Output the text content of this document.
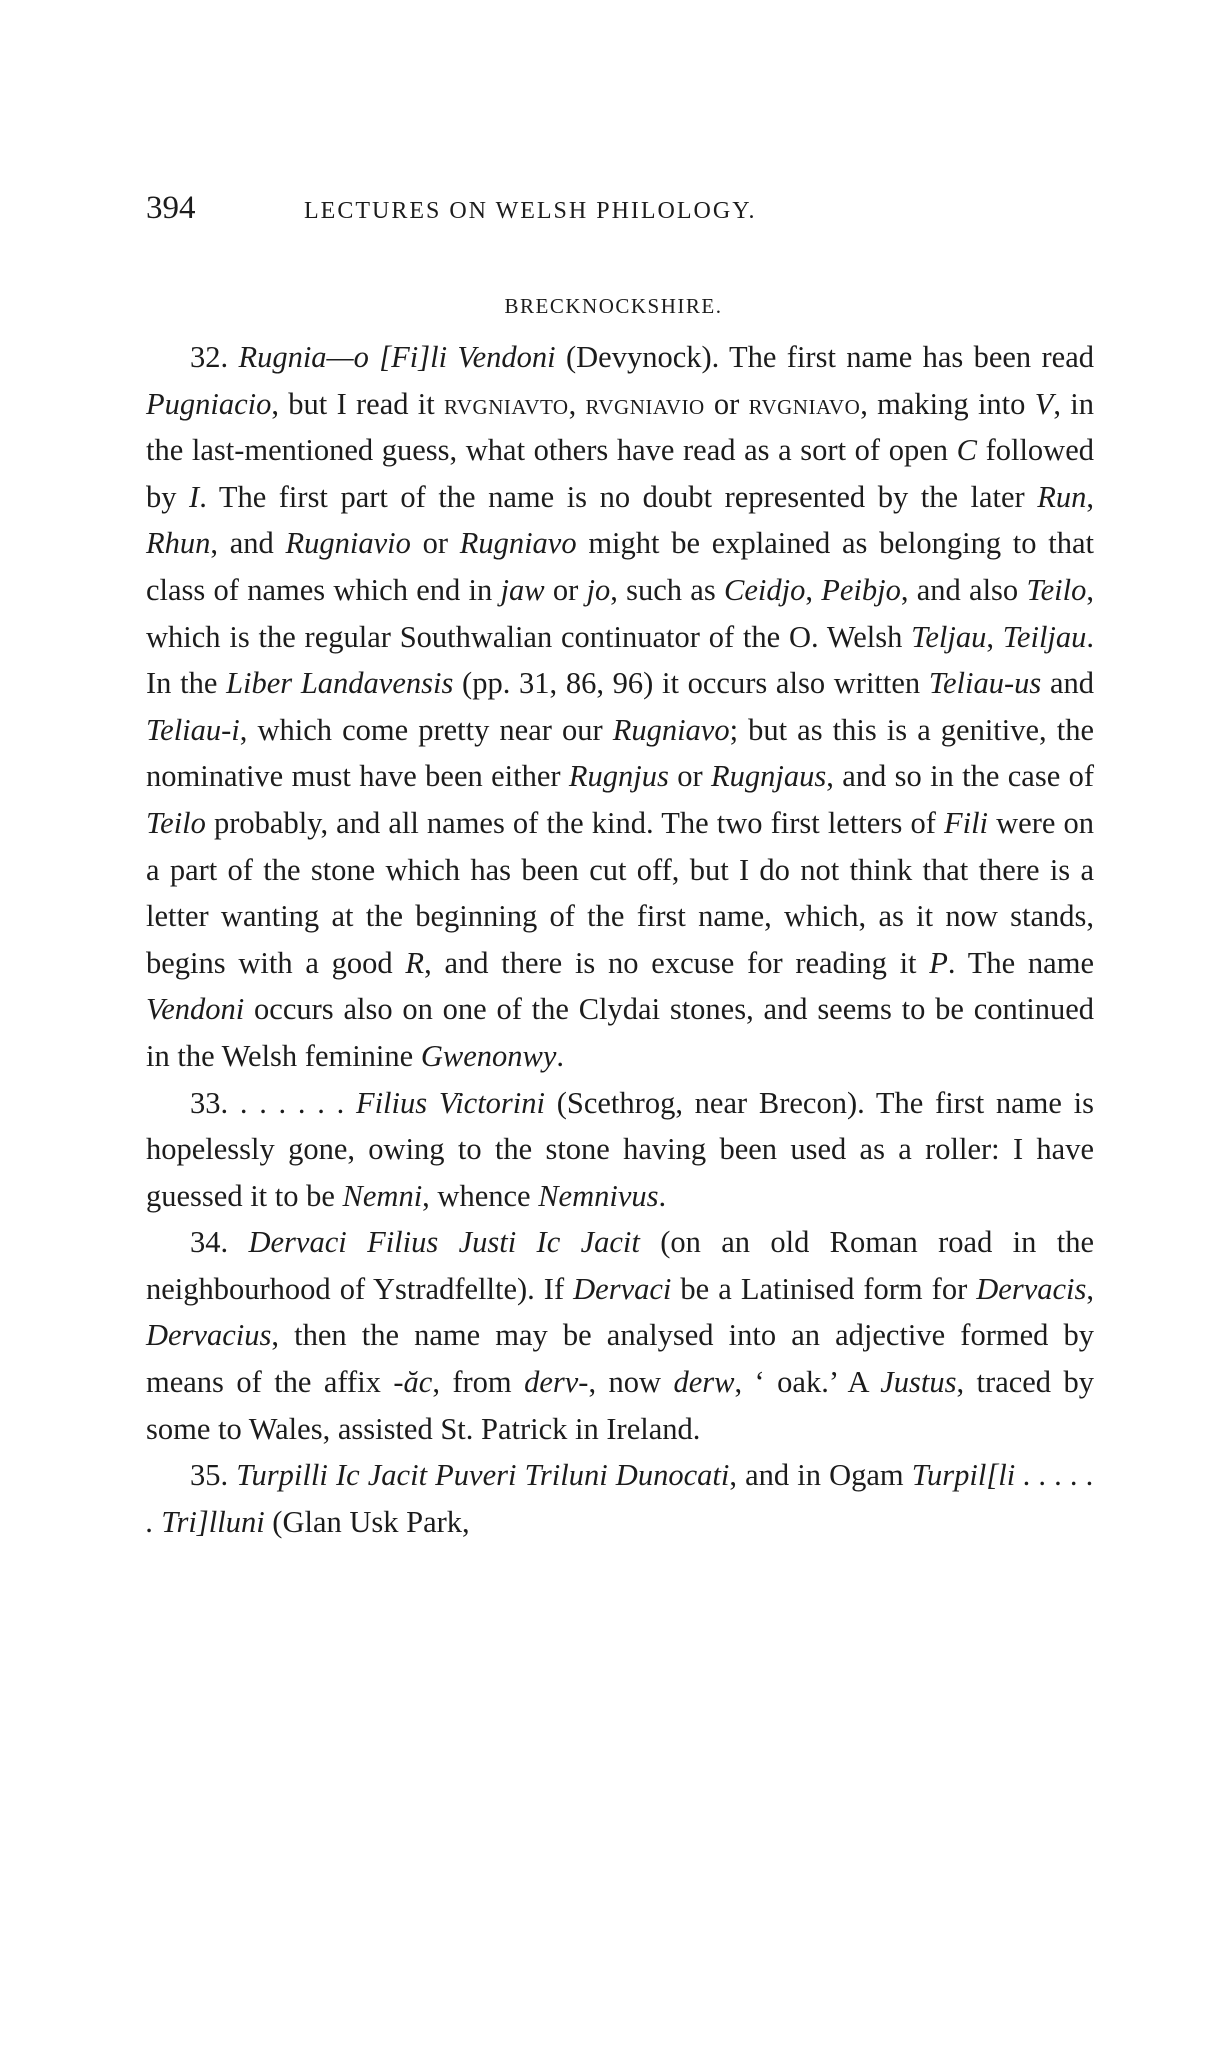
394	LECTURES ON WELSH PHILOLOGY.
BRECKNOCKSHIRE.

32. Rugnia—o [Fi]li Vendoni (Devynock). The first name has been read Pugniacio, but I read it rvgniavto, rvgniavio or rvgniavo, making into V, in the last-mentioned guess, what others have read as a sort of open C followed by I. The first part of the name is no doubt represented by the later Run, Rhun, and Rugniavio or Rugniavo might be explained as belonging to that class of names which end in jaw or jo, such as Ceidjo, Peibjo, and also Teilo, which is the regular Southwalian continuator of the O. Welsh Teljau, Teiljau. In the Liber Landavensis (pp. 31, 86, 96) it occurs also written Teliau-us and Teliau-i, which come pretty near our Rugniavo; but as this is a genitive, the nominative must have been either Rugnjus or Rugnjaus, and so in the case of Teilo probably, and all names of the kind. The two first letters of Fili were on a part of the stone which has been cut off, but I do not think that there is a letter wanting at the beginning of the first name, which, as it now stands, begins with a good R, and there is no excuse for reading it P. The name Vendoni occurs also on one of the Clydai stones, and seems to be continued in the Welsh feminine Gwenonwy.

33. . . . . . . Filius Victorini (Scethrog, near Brecon). The first name is hopelessly gone, owing to the stone having been used as a roller: I have guessed it to be Nemni, whence Nemnivus.

34. Dervaci Filius Justi Ic Jacit (on an old Roman road in the neighbourhood of Ystradfellte). If Dervaci be a Latinised form for Dervacis, Dervacius, then the name may be analysed into an adjective formed by means of the affix -ăc, from derv-, now derw, ‘ oak.’ A Justus, traced by some to Wales, assisted St. Patrick in Ireland.

35. Turpilli Ic Jacit Puveri Triluni Dunocati, and in Ogam Turpil[li . . . . . . Tri]lluni (Glan Usk Park,
